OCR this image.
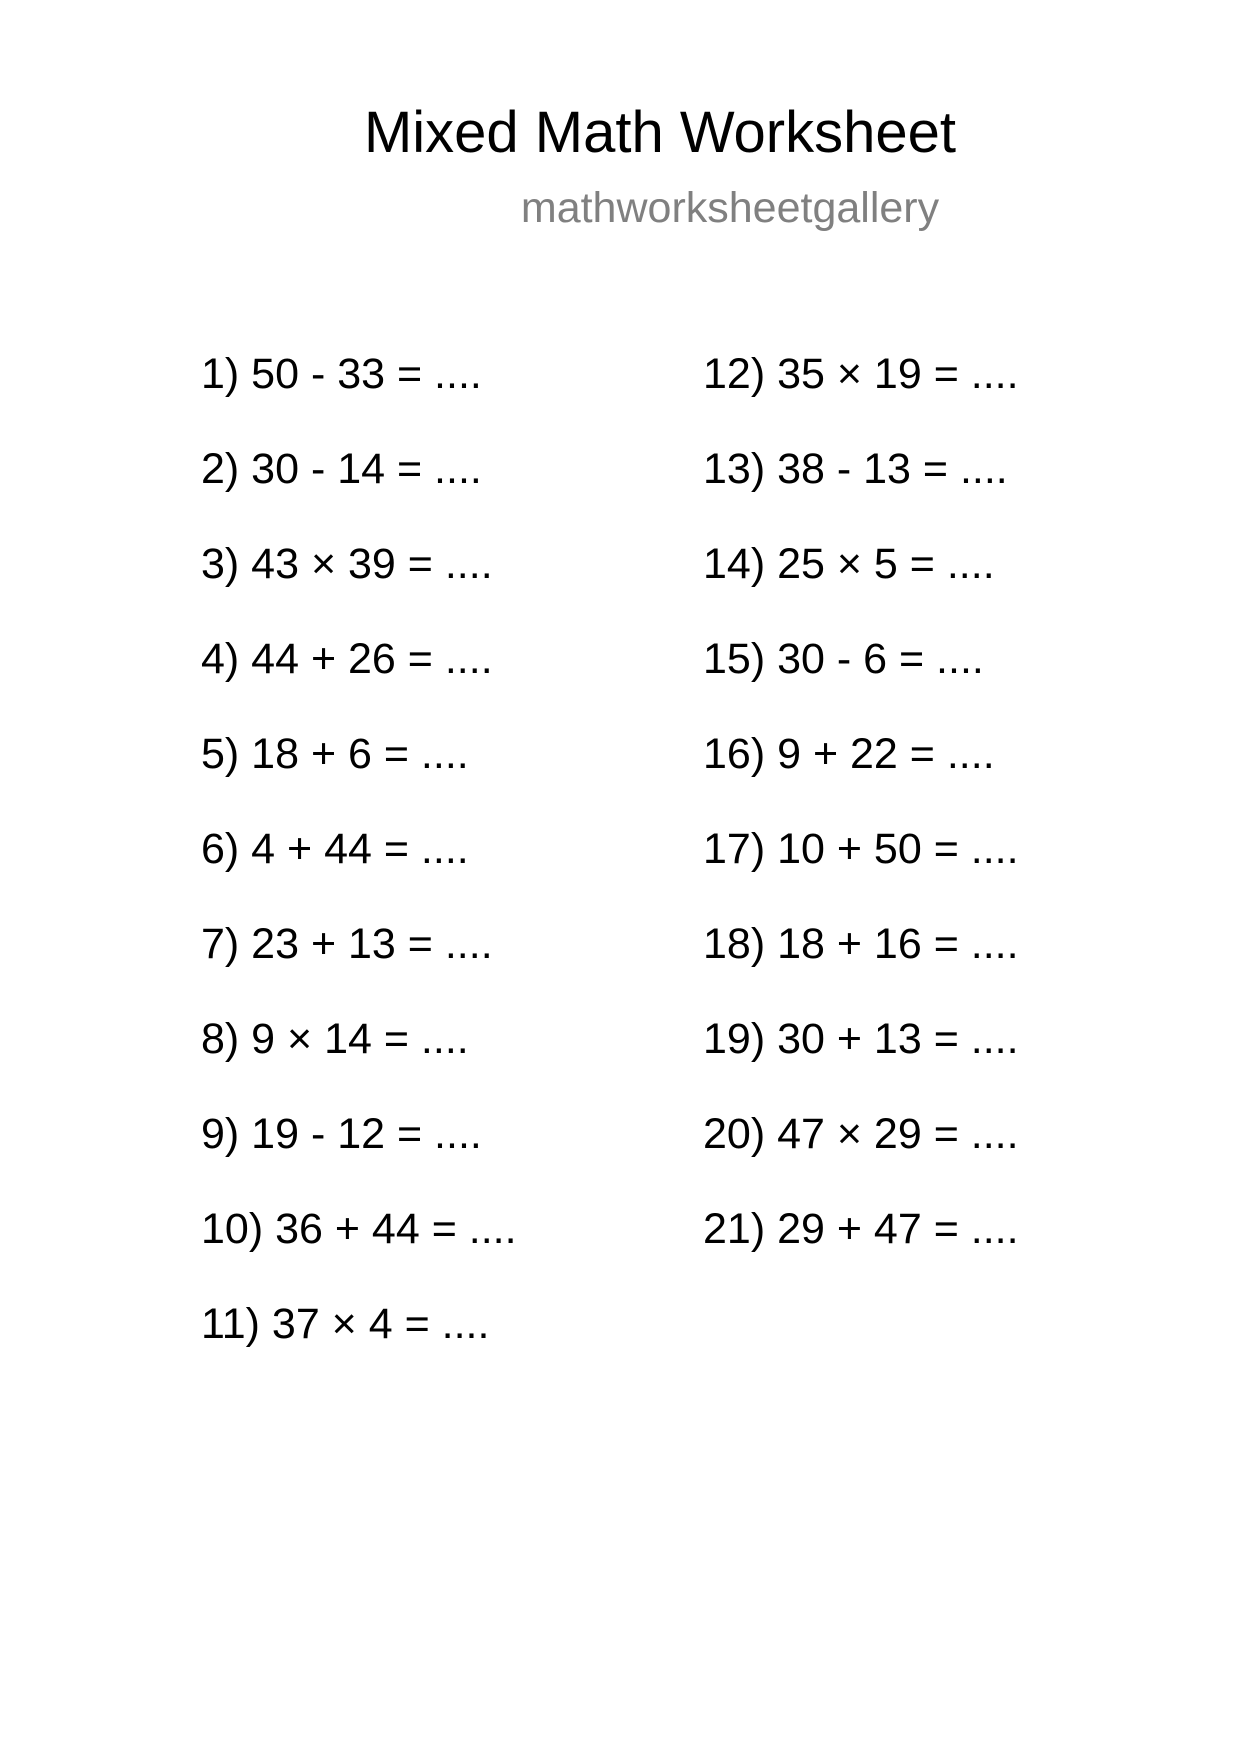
Mixed Math Worksheet
mathworksheetgallery
1) 50 - 33 = ....
2) 30 - 14 = ....
3) 43 × 39 = ....
4) 44 + 26 = ....
5) 18 + 6 = ....
6) 4 + 44 = ....
7) 23 + 13 = ....
8) 9 × 14 = ....
9) 19 - 12 = ....
10) 36 + 44 = ....
11) 37 × 4 = ....
12) 35 × 19 = ....
13) 38 - 13 = ....
14) 25 × 5 = ....
15) 30 - 6 = ....
16) 9 + 22 = ....
17) 10 + 50 = ....
18) 18 + 16 = ....
19) 30 + 13 = ....
20) 47 × 29 = ....
21) 29 + 47 = ....
